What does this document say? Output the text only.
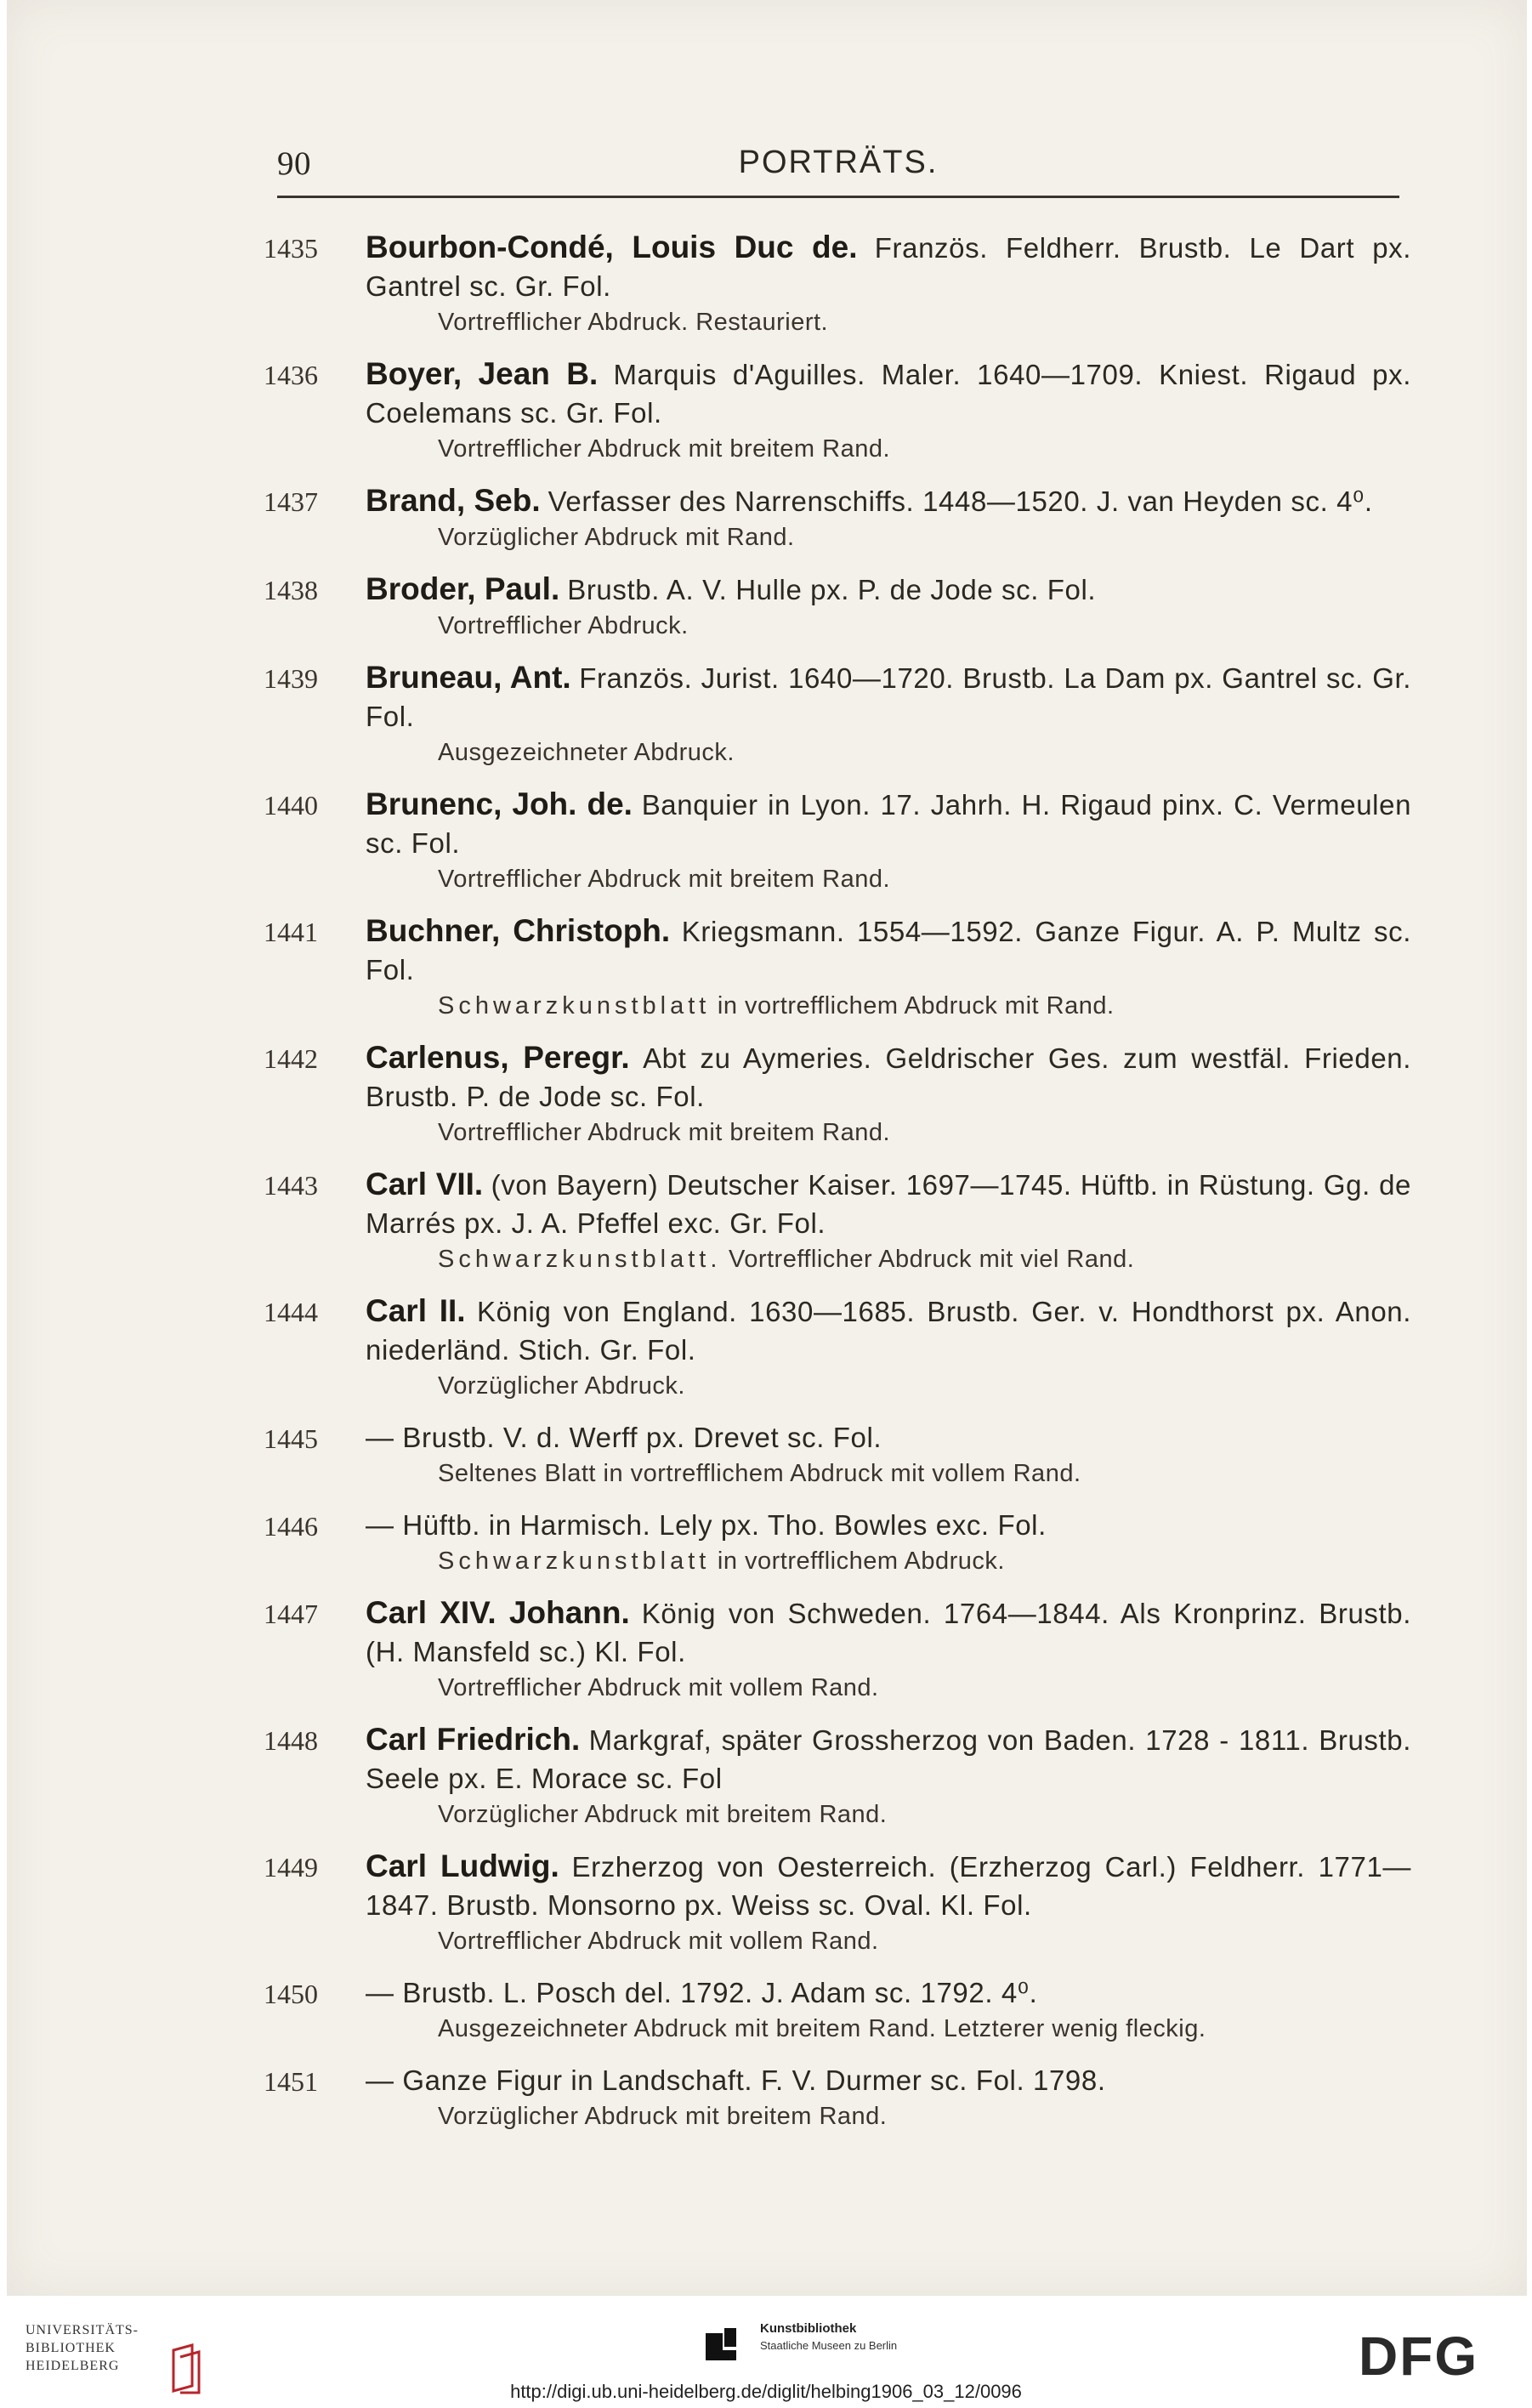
90	PORTRÄTS.
1435	Bourbon-Condé, Louis Duc de. Französ. Feldherr. Brustb. Le Dart px. Gantrel sc. Gr. Fol.
Vortrefflicher Abdruck. Restauriert.
1436	Boyer, Jean B. Marquis d'Aguilles. Maler. 1640—1709. Kniest. Rigaud px. Coelemans sc. Gr. Fol.
Vortrefflicher Abdruck mit breitem Rand.
1437	Brand, Seb. Verfasser des Narrenschiffs. 1448—1520. J. van Heyden sc. 4⁰.
Vorzüglicher Abdruck mit Rand.
1438	Broder, Paul. Brustb. A. V. Hulle px. P. de Jode sc. Fol.
Vortrefflicher Abdruck.
1439	Bruneau, Ant. Französ. Jurist. 1640—1720. Brustb. La Dam px. Gantrel sc. Gr. Fol.
Ausgezeichneter Abdruck.
1440	Brunenc, Joh. de. Banquier in Lyon. 17. Jahrh. H. Rigaud pinx. C. Vermeulen sc. Fol.
Vortrefflicher Abdruck mit breitem Rand.
1441	Buchner, Christoph. Kriegsmann. 1554—1592. Ganze Figur. A. P. Multz sc. Fol.
Schwarzkunstblatt in vortrefflichem Abdruck mit Rand.
1442	Carlenus, Peregr. Abt zu Aymeries. Geldrischer Ges. zum westfäl. Frieden. Brustb. P. de Jode sc. Fol.
Vortrefflicher Abdruck mit breitem Rand.
1443	Carl VII. (von Bayern) Deutscher Kaiser. 1697—1745. Hüftb. in Rüstung. Gg. de Marrés px. J. A. Pfeffel exc. Gr. Fol.
Schwarzkunstblatt. Vortrefflicher Abdruck mit viel Rand.
1444	Carl II. König von England. 1630—1685. Brustb. Ger. v. Hondthorst px. Anon. niederländ. Stich. Gr. Fol.
Vorzüglicher Abdruck.
1445	— Brustb. V. d. Werff px. Drevet sc. Fol.
Seltenes Blatt in vortrefflichem Abdruck mit vollem Rand.
1446	— Hüftb. in Harmisch. Lely px. Tho. Bowles exc. Fol.
Schwarzkunstblatt in vortrefflichem Abdruck.
1447	Carl XIV. Johann. König von Schweden. 1764—1844. Als Kronprinz. Brustb. (H. Mansfeld sc.) Kl. Fol.
Vortrefflicher Abdruck mit vollem Rand.
1448	Carl Friedrich. Markgraf, später Grossherzog von Baden. 1728 - 1811. Brustb. Seele px. E. Morace sc. Fol
Vorzüglicher Abdruck mit breitem Rand.
1449	Carl Ludwig. Erzherzog von Oesterreich. (Erzherzog Carl.) Feldherr. 1771—1847. Brustb. Monsorno px. Weiss sc. Oval. Kl. Fol.
Vortrefflicher Abdruck mit vollem Rand.
1450	— Brustb. L. Posch del. 1792. J. Adam sc. 1792. 4⁰.
Ausgezeichneter Abdruck mit breitem Rand. Letzterer wenig fleckig.
1451	— Ganze Figur in Landschaft. F. V. Durmer sc. Fol. 1798.
Vorzüglicher Abdruck mit breitem Rand.
UNIVERSITÄTS-
BIBLIOTHEK
HEIDELBERG
Kunstbibliothek
Staatliche Museen zu Berlin	DFG
http://digi.ub.uni-heidelberg.de/diglit/helbing1906_03_12/0096
